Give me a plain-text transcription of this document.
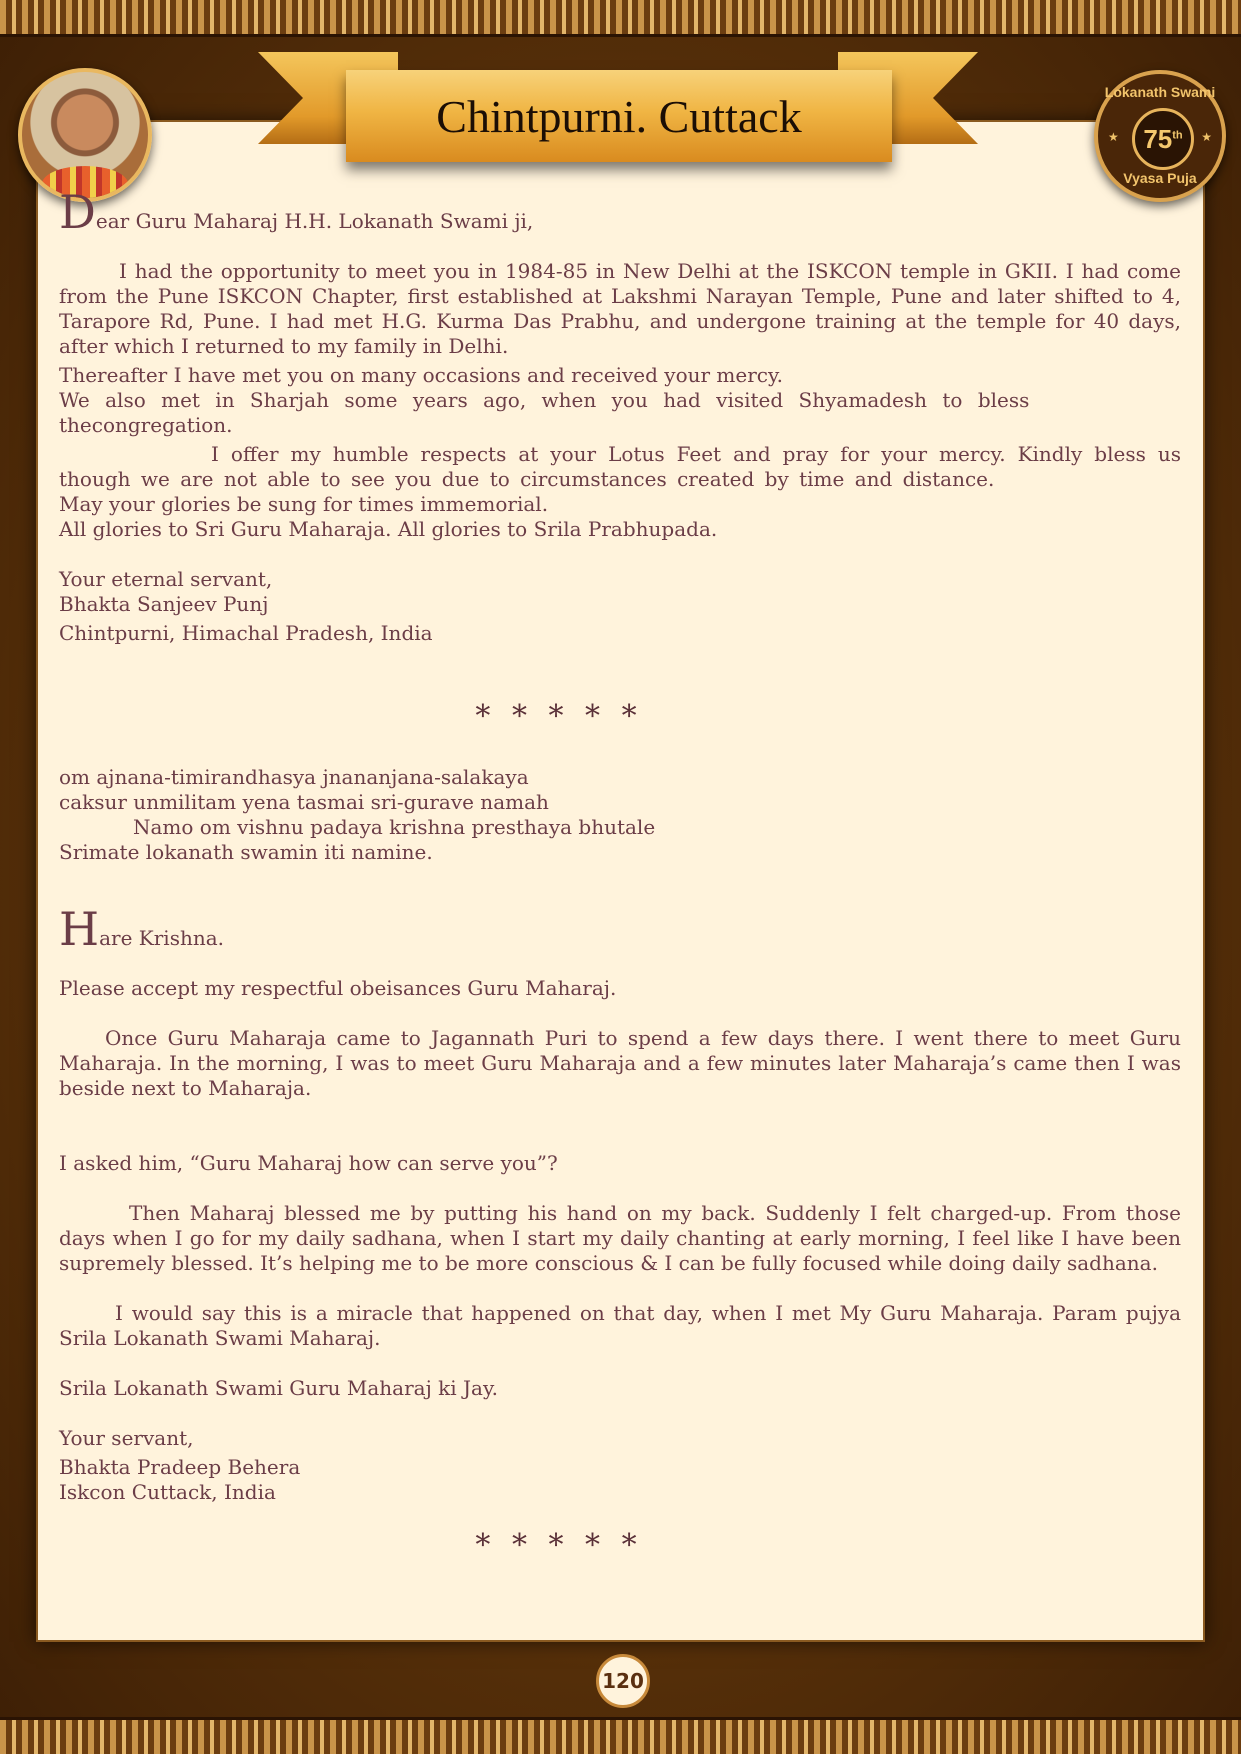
Chintpurni. Cuttack	Lokanath Swami
★ 75th ★
Vyasa Puja

Dear Guru Maharaj H.H. Lokanath Swami ji,

I had the opportunity to meet you in 1984-85 in New Delhi at the ISKCON temple in GKII. I had come from the Pune ISKCON Chapter, first established at Lakshmi Narayan Temple, Pune and later shifted to 4, Tarapore Rd, Pune. I had met H.G. Kurma Das Prabhu, and undergone training at the temple for 40 days, after which I returned to my family in Delhi.

Thereafter I have met you on many occasions and received your mercy.

We also met in Sharjah some years ago, when you had visited Shyamadesh to bless thecongregation.

I offer my humble respects at your Lotus Feet and pray for your mercy. Kindly bless us though we are not able to see you due to circumstances created by time and distance.

May your glories be sung for times immemorial.

All glories to Sri Guru Maharaja. All glories to Srila Prabhupada.

Your eternal servant,

Bhakta Sanjeev Punj

Chintpurni, Himachal Pradesh, India

* * * * *

om ajnana-timirandhasya jnananjana-salakaya

caksur unmilitam yena tasmai sri-gurave namah

Namo om vishnu padaya krishna presthaya bhutale

Srimate lokanath swamin iti namine.

Hare Krishna.

Please accept my respectful obeisances Guru Maharaj.

Once Guru Maharaja came to Jagannath Puri to spend a few days there. I went there to meet Guru Maharaja. In the morning, I was to meet Guru Maharaja and a few minutes later Maharaja’s came then I was beside next to Maharaja.

I asked him, “Guru Maharaj how can serve you”?

Then Maharaj blessed me by putting his hand on my back. Suddenly I felt charged-up. From those days when I go for my daily sadhana, when I start my daily chanting at early morning, I feel like I have been supremely blessed. It’s helping me to be more conscious & I can be fully focused while doing daily sadhana.

I would say this is a miracle that happened on that day, when I met My Guru Maharaja. Param pujya Srila Lokanath Swami Maharaj.

Srila Lokanath Swami Guru Maharaj ki Jay.

Your servant,

Bhakta Pradeep Behera

Iskcon Cuttack, India

* * * * *

120
